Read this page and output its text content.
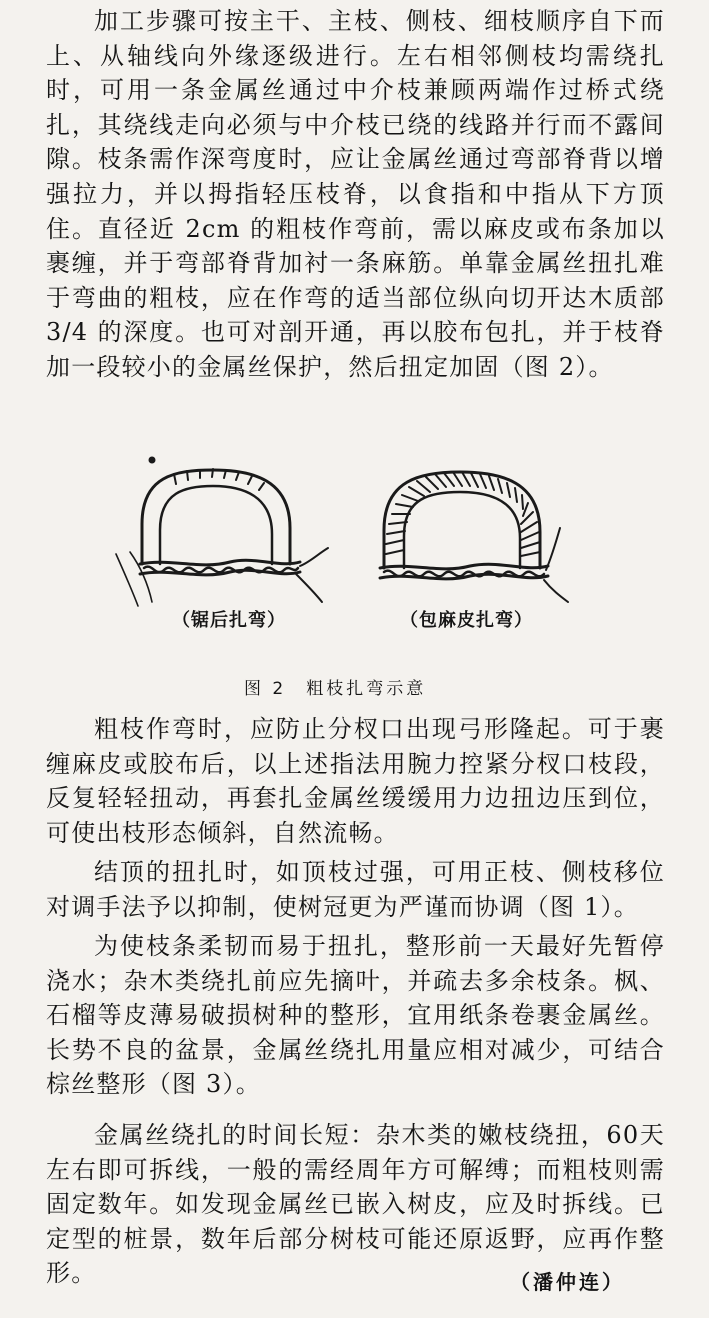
加工步骤可按主干、主枝、侧枝、细枝顺序自下而上、从轴线向外缘逐级进行。左右相邻侧枝均需绕扎时，可用一条金属丝通过中介枝兼顾两端作过桥式绕扎，其绕线走向必须与中介枝已绕的线路并行而不露间隙。枝条需作深弯度时，应让金属丝通过弯部脊背以增强拉力，并以拇指轻压枝脊，以食指和中指从下方顶住。直径近 2cm 的粗枝作弯前，需以麻皮或布条加以裹缠，并于弯部脊背加衬一条麻筋。单靠金属丝扭扎难于弯曲的粗枝，应在作弯的适当部位纵向切开达木质部 3/4 的深度。也可对剖开通，再以胶布包扎，并于枝脊加一段较小的金属丝保护，然后扭定加固（图 2）。

（锯后扎弯）	（包麻皮扎弯）
图 2　粗枝扎弯示意

粗枝作弯时，应防止分杈口出现弓形隆起。可于裹缠麻皮或胶布后，以上述指法用腕力控紧分杈口枝段，反复轻轻扭动，再套扎金属丝缓缓用力边扭边压到位，可使出枝形态倾斜，自然流畅。

结顶的扭扎时，如顶枝过强，可用正枝、侧枝移位对调手法予以抑制，使树冠更为严谨而协调（图 1）。

为使枝条柔韧而易于扭扎，整形前一天最好先暂停浇水；杂木类绕扎前应先摘叶，并疏去多余枝条。枫、石榴等皮薄易破损树种的整形，宜用纸条卷裹金属丝。长势不良的盆景，金属丝绕扎用量应相对减少，可结合棕丝整形（图 3）。

金属丝绕扎的时间长短：杂木类的嫩枝绕扭，60天左右即可拆线，一般的需经周年方可解缚；而粗枝则需固定数年。如发现金属丝已嵌入树皮，应及时拆线。已定型的桩景，数年后部分树枝可能还原返野，应再作整形。	（潘仲连）
